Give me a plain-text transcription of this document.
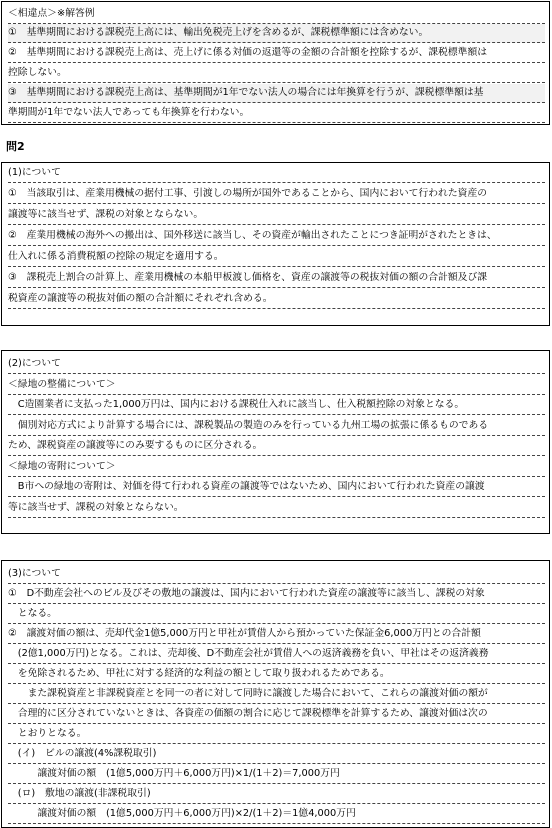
＜相違点＞※解答例
①　基準期間における課税売上高には、輸出免税売上げを含めるが、課税標準額には含めない。
②　基準期間における課税売上高は、売上げに係る対価の返還等の金額の合計額を控除するが、課税標準額は
控除しない。
③　基準期間における課税売上高は、基準期間が1年でない法人の場合には年換算を行うが、課税標準額は基
準期間が1年でない法人であっても年換算を行わない。
問2
(1)について
①　当該取引は、産業用機械の据付工事、引渡しの場所が国外であることから、国内において行われた資産の
譲渡等に該当せず、課税の対象とならない。
②　産業用機械の海外への搬出は、国外移送に該当し、その資産が輸出されたことにつき証明がされたときは、
仕入れに係る消費税額の控除の規定を適用する。
③　課税売上割合の計算上、産業用機械の本船甲板渡し価格を、資産の譲渡等の税抜対価の額の合計額及び課
税資産の譲渡等の税抜対価の額の合計額にそれぞれ含める。
(2)について
＜緑地の整備について＞
　C造園業者に支払った1,000万円は、国内における課税仕入れに該当し、仕入税額控除の対象となる。
　個別対応方式により計算する場合には、課税製品の製造のみを行っている九州工場の拡張に係るものである
ため、課税資産の譲渡等にのみ要するものに区分される。
＜緑地の寄附について＞
　B市への緑地の寄附は、対価を得て行われる資産の譲渡等ではないため、国内において行われた資産の譲渡
等に該当せず、課税の対象とならない。
(3)について
①　D不動産会社へのビル及びその敷地の譲渡は、国内において行われた資産の譲渡等に該当し、課税の対象
　となる。
②　譲渡対価の額は、売却代金1億5,000万円と甲社が賃借人から預かっていた保証金6,000万円との合計額
　(2億1,000万円)となる。これは、売却後、D不動産会社が賃借人への返済義務を負い、甲社はその返済義務
　を免除されるため、甲社に対する経済的な利益の額として取り扱われるためである。
　　また課税資産と非課税資産とを同一の者に対して同時に譲渡した場合において、これらの譲渡対価の額が
　合理的に区分されていないときは、各資産の価額の割合に応じて課税標準を計算するため、譲渡対価は次の
　とおりとなる。
　(イ)　ビルの譲渡(4%課税取引)
　　　譲渡対価の額　(1億5,000万円＋6,000万円)×1/(1＋2)＝7,000万円
　(ロ)　敷地の譲渡(非課税取引)
　　　譲渡対価の額　(1億5,000万円＋6,000万円)×2/(1＋2)＝1億4,000万円
